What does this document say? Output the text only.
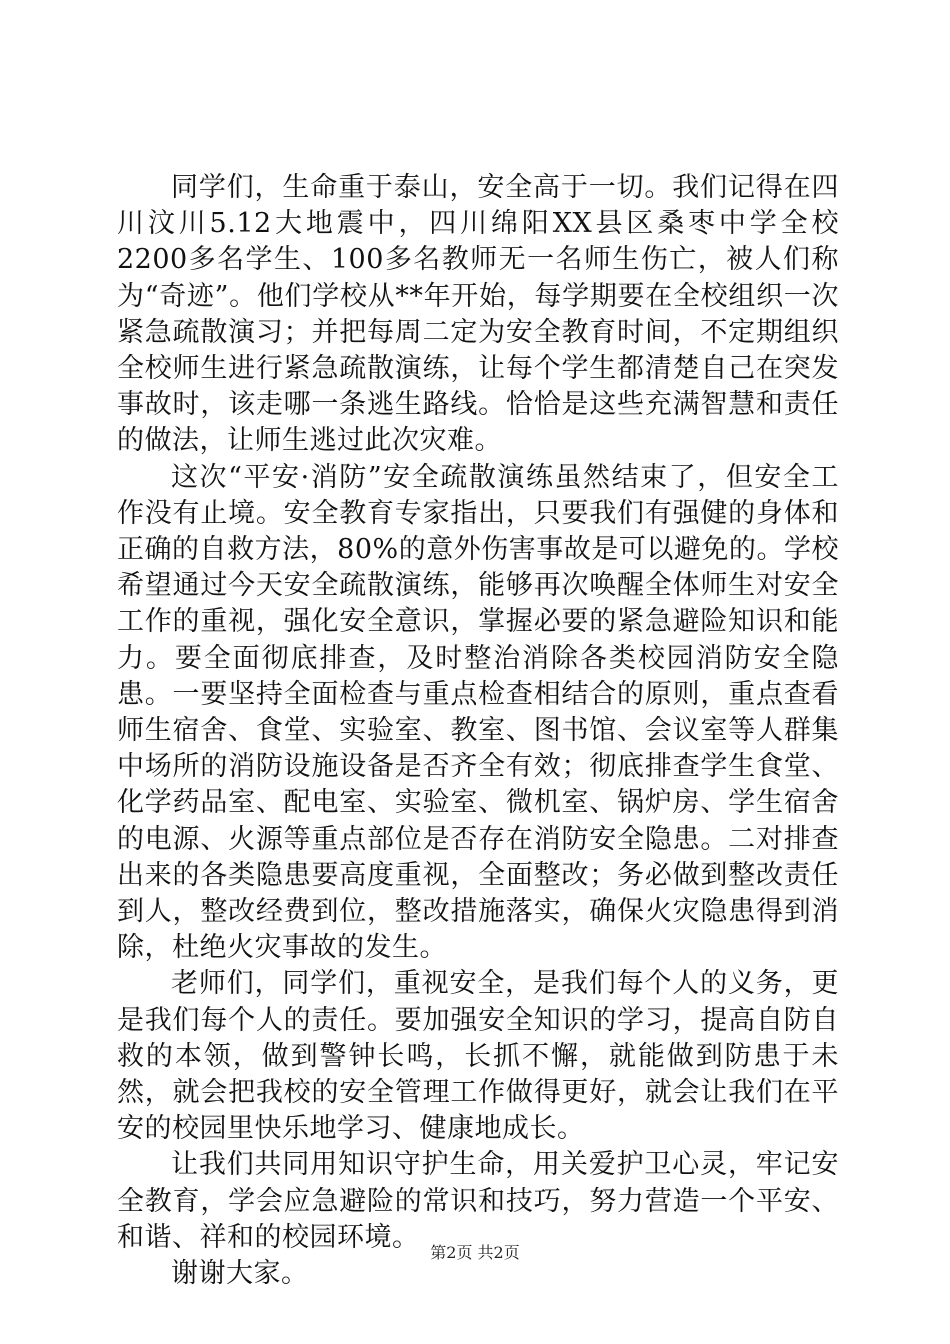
同学们，生命重于泰山，安全高于一切。我们记得在四川汶川5.12大地震中，四川绵阳XX县区桑枣中学全校2200多名学生、100多名教师无一名师生伤亡，被人们称为“奇迹”。他们学校从**年开始，每学期要在全校组织一次紧急疏散演习；并把每周二定为安全教育时间，不定期组织全校师生进行紧急疏散演练，让每个学生都清楚自己在突发事故时，该走哪一条逃生路线。恰恰是这些充满智慧和责任的做法，让师生逃过此次灾难。

这次“平安·消防”安全疏散演练虽然结束了，但安全工作没有止境。安全教育专家指出，只要我们有强健的身体和正确的自救方法，80%的意外伤害事故是可以避免的。学校希望通过今天安全疏散演练，能够再次唤醒全体师生对安全工作的重视，强化安全意识，掌握必要的紧急避险知识和能力。要全面彻底排查，及时整治消除各类校园消防安全隐患。一要坚持全面检查与重点检查相结合的原则，重点查看师生宿舍、食堂、实验室、教室、图书馆、会议室等人群集中场所的消防设施设备是否齐全有效；彻底排查学生食堂、化学药品室、配电室、实验室、微机室、锅炉房、学生宿舍的电源、火源等重点部位是否存在消防安全隐患。二对排查出来的各类隐患要高度重视，全面整改；务必做到整改责任到人，整改经费到位，整改措施落实，确保火灾隐患得到消除，杜绝火灾事故的发生。

老师们，同学们，重视安全，是我们每个人的义务，更是我们每个人的责任。要加强安全知识的学习，提高自防自救的本领，做到警钟长鸣，长抓不懈，就能做到防患于未然，就会把我校的安全管理工作做得更好，就会让我们在平安的校园里快乐地学习、健康地成长。

让我们共同用知识守护生命，用关爱护卫心灵，牢记安全教育，学会应急避险的常识和技巧，努力营造一个平安、和谐、祥和的校园环境。

谢谢大家。

第2页 共2页
